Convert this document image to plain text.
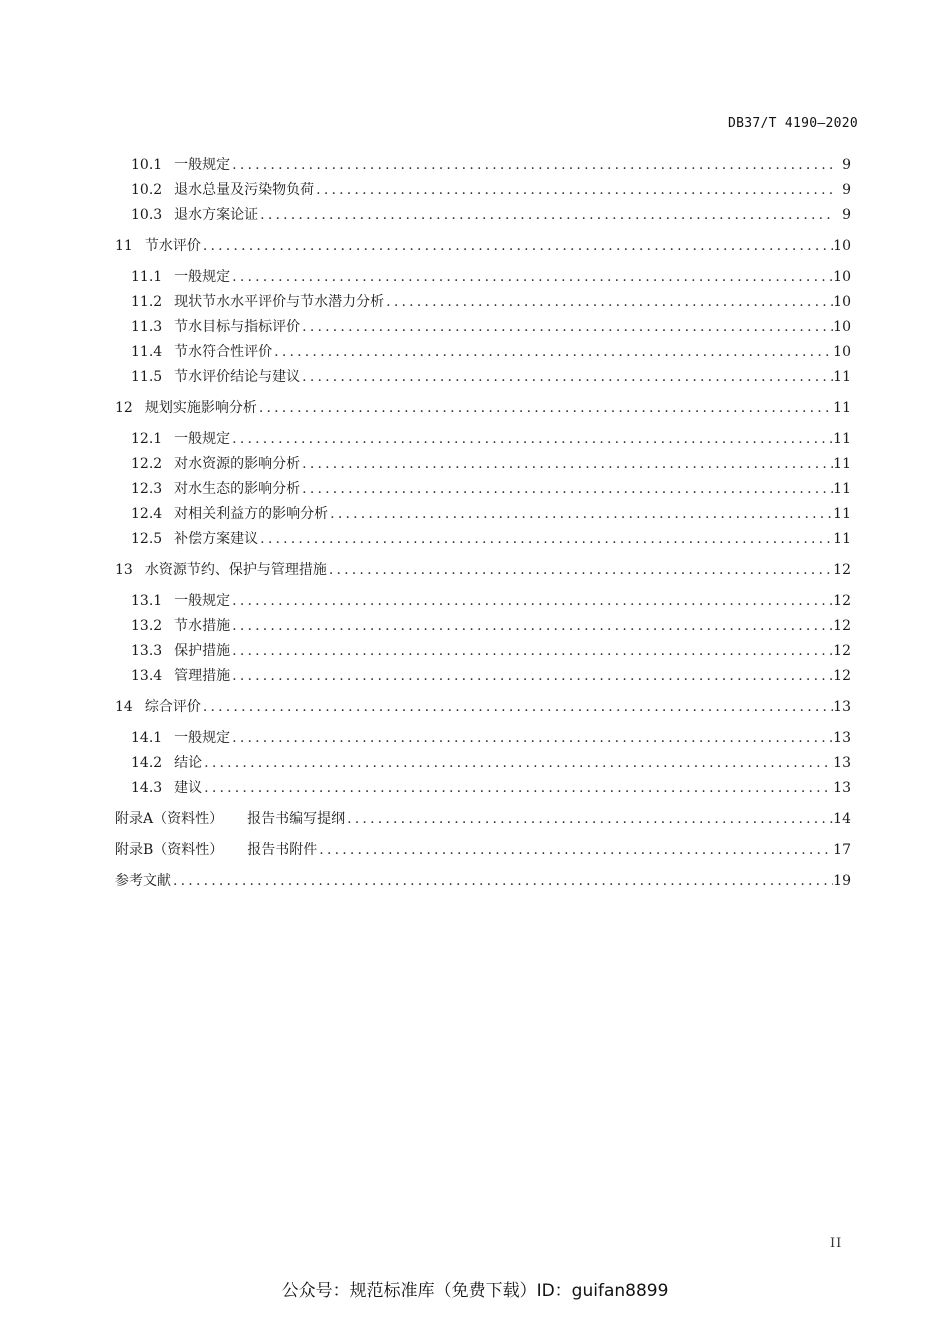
DB37/T 4190—2020
10.1 一般规定 .....	9
10.2 退水总量及污染物负荷 .....	9
10.3 退水方案论证 .....	9
11 节水评价 .....	10
11.1 一般规定 .....	10
11.2 现状节水水平评价与节水潜力分析 .....	10
11.3 节水目标与指标评价 .....	10
11.4 节水符合性评价 .....	10
11.5 节水评价结论与建议 .....	11
12 规划实施影响分析 .....	11
12.1 一般规定 .....	11
12.2 对水资源的影响分析 .....	11
12.3 对水生态的影响分析 .....	11
12.4 对相关利益方的影响分析 .....	11
12.5 补偿方案建议 .....	11
13 水资源节约、保护与管理措施 .....	12
13.1 一般规定 .....	12
13.2 节水措施 .....	12
13.3 保护措施 .....	12
13.4 管理措施 .....	12
14 综合评价 .....	13
14.1 一般规定 .....	13
14.2 结论 .....	13
14.3 建议 .....	13
附录A（资料性）	报告书编写提纲 .....	14
附录B（资料性）	报告书附件 .....	17
参考文献 .....	19
II
公众号：规范标准库（免费下载）ID：guifan8899
